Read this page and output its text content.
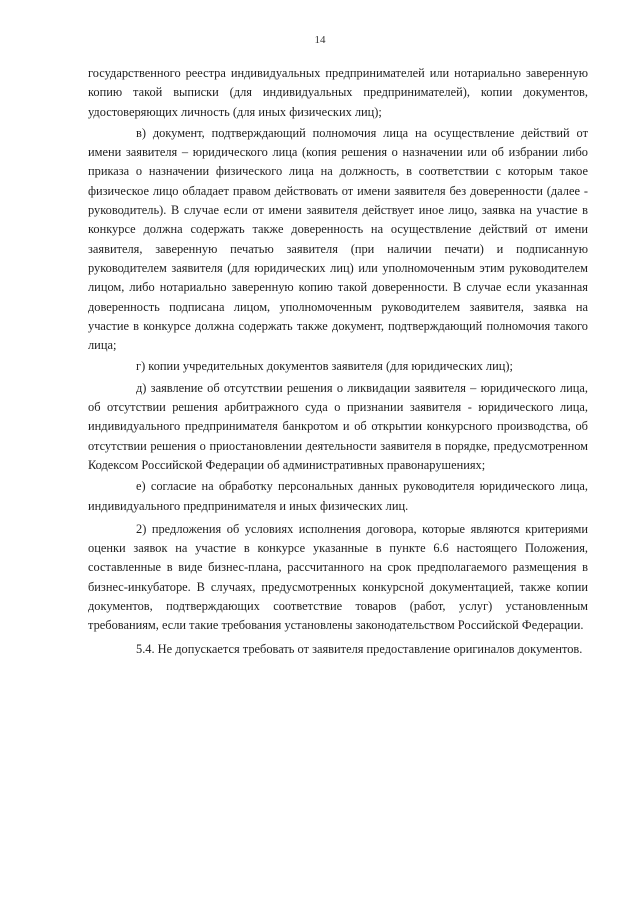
14

государственного реестра индивидуальных предпринимателей или нотариально заверенную копию такой выписки (для индивидуальных предпринимателей), копии документов, удостоверяющих личность (для иных физических лиц);

в) документ, подтверждающий полномочия лица на осуществление действий от имени заявителя – юридического лица (копия решения о назначении или об избрании либо приказа о назначении физического лица на должность, в соответствии с которым такое физическое лицо обладает правом действовать от имени заявителя без доверенности (далее - руководитель). В случае если от имени заявителя действует иное лицо, заявка на участие в конкурсе должна содержать также доверенность на осуществление действий от имени заявителя, заверенную печатью заявителя (при наличии печати) и подписанную руководителем заявителя (для юридических лиц) или уполномоченным этим руководителем лицом, либо нотариально заверенную копию такой доверенности. В случае если указанная доверенность подписана лицом, уполномоченным руководителем заявителя, заявка на участие в конкурсе должна содержать также документ, подтверждающий полномочия такого лица;

г) копии учредительных документов заявителя (для юридических лиц);

д) заявление об отсутствии решения о ликвидации заявителя – юридического лица, об отсутствии решения арбитражного суда о признании заявителя - юридического лица, индивидуального предпринимателя банкротом и об открытии конкурсного производства, об отсутствии решения о приостановлении деятельности заявителя в порядке, предусмотренном Кодексом Российской Федерации об административных правонарушениях;

е) согласие на обработку персональных данных руководителя юридического лица, индивидуального предпринимателя и иных физических лиц.

2) предложения об условиях исполнения договора, которые являются критериями оценки заявок на участие в конкурсе указанные в пункте 6.6 настоящего Положения, составленные в виде бизнес-плана, рассчитанного на срок предполагаемого размещения в бизнес-инкубаторе. В случаях, предусмотренных конкурсной документацией, также копии документов, подтверждающих соответствие товаров (работ, услуг) установленным требованиям, если такие требования установлены законодательством Российской Федерации.

5.4. Не допускается требовать от заявителя предоставление оригиналов документов.
